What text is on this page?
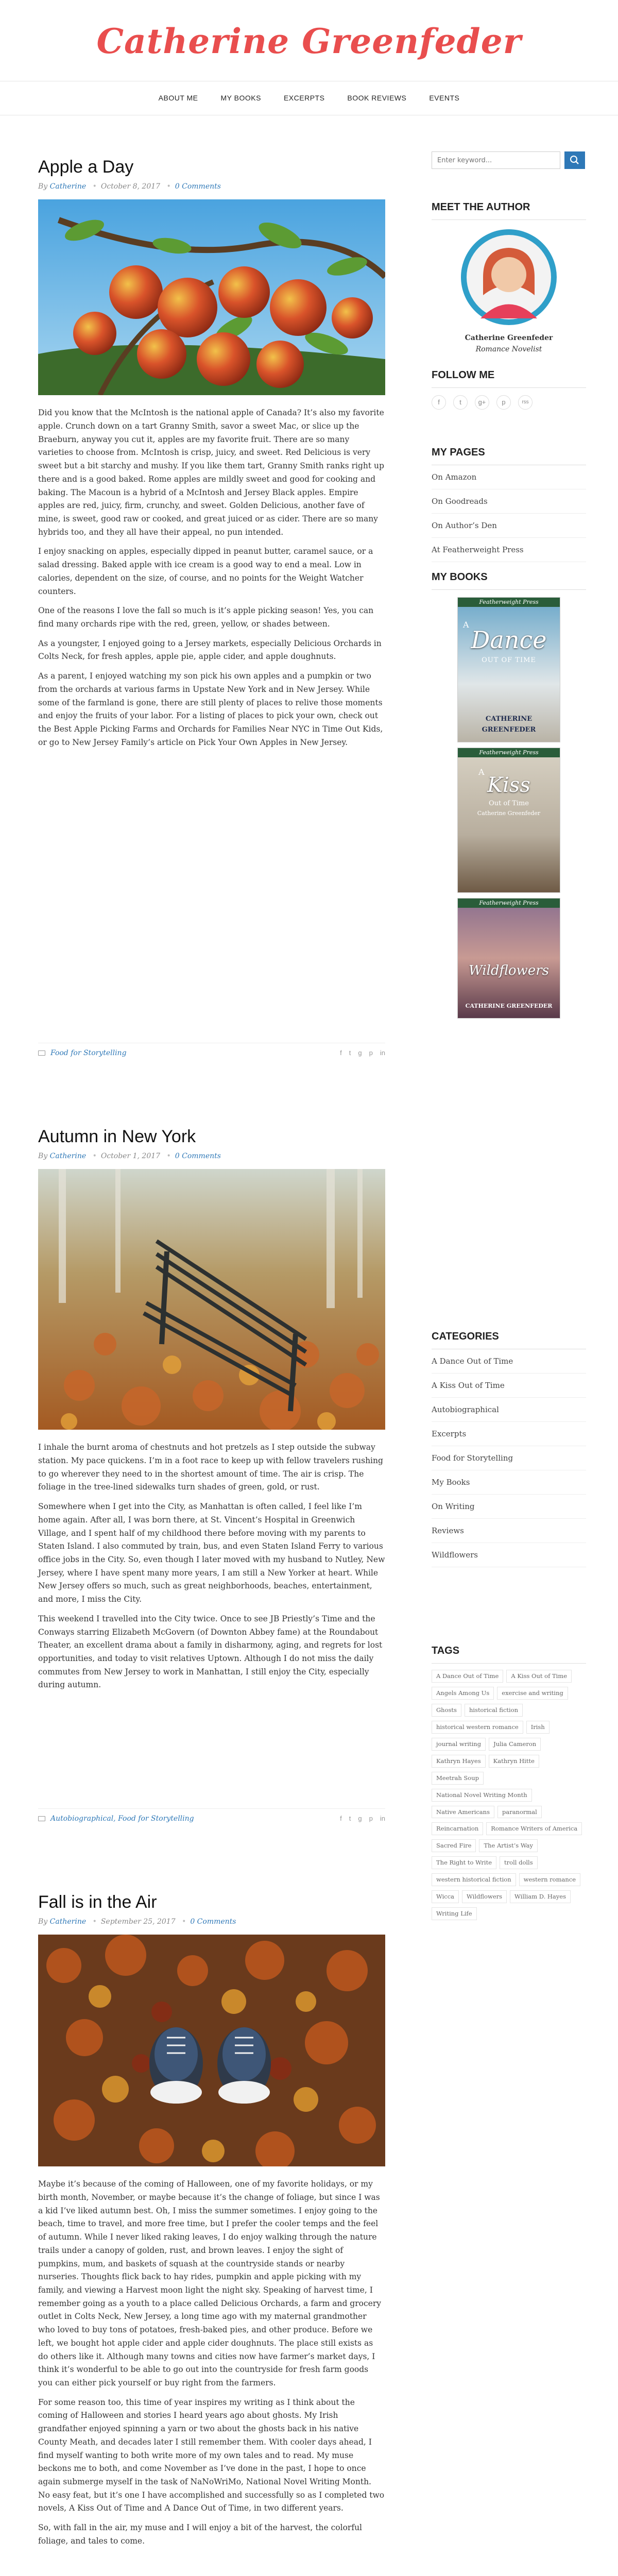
Catherine Greenfeder
ABOUT ME	MY BOOKS	EXCERPTS	BOOK REVIEWS	EVENTS
Apple a Day
By Catherine • October 8, 2017 • 0 Comments

Did you know that the McIntosh is the national apple of Canada? It’s also my favorite apple. Crunch down on a tart Granny Smith, savor a sweet Mac, or slice up the Braeburn, anyway you cut it, apples are my favorite fruit. There are so many varieties to choose from. McIntosh is crisp, juicy, and sweet. Red Delicious is very sweet but a bit starchy and mushy. If you like them tart, Granny Smith ranks right up there and is a good baked. Rome apples are mildly sweet and good for cooking and baking. The Macoun is a hybrid of a McIntosh and Jersey Black apples. Empire apples are red, juicy, firm, crunchy, and sweet. Golden Delicious, another fave of mine, is sweet, good raw or cooked, and great juiced or as cider. There are so many hybrids too, and they all have their appeal, no pun intended.

I enjoy snacking on apples, especially dipped in peanut butter, caramel sauce, or a salad dressing. Baked apple with ice cream is a good way to end a meal. Low in calories, dependent on the size, of course, and no points for the Weight Watcher counters.

One of the reasons I love the fall so much is it’s apple picking season! Yes, you can find many orchards ripe with the red, green, yellow, or shades between.

As a youngster, I enjoyed going to a Jersey markets, especially Delicious Orchards in Colts Neck, for fresh apples, apple pie, apple cider, and apple doughnuts.

As a parent, I enjoyed watching my son pick his own apples and a pumpkin or two from the orchards at various farms in Upstate New York and in New Jersey. While some of the farmland is gone, there are still plenty of places to relive those moments and enjoy the fruits of your labor. For a listing of places to pick your own, check out the Best Apple Picking Farms and Orchards for Families Near NYC in Time Out Kids, or go to New Jersey Family’s article on Pick Your Own Apples in New Jersey.

Food for Storytelling	f t g p in
Autumn in New York
By Catherine • October 1, 2017 • 0 Comments

I inhale the burnt aroma of chestnuts and hot pretzels as I step outside the subway station. My pace quickens. I’m in a foot race to keep up with fellow travelers rushing to go wherever they need to in the shortest amount of time. The air is crisp. The foliage in the tree-lined sidewalks turn shades of green, gold, or rust.

Somewhere when I get into the City, as Manhattan is often called, I feel like I’m home again. After all, I was born there, at St. Vincent’s Hospital in Greenwich Village, and I spent half of my childhood there before moving with my parents to Staten Island. I also commuted by train, bus, and even Staten Island Ferry to various office jobs in the City. So, even though I later moved with my husband to Nutley, New Jersey, where I have spent many more years, I am still a New Yorker at heart. While New Jersey offers so much, such as great neighborhoods, beaches, entertainment, and more, I miss the City.

This weekend I travelled into the City twice. Once to see JB Priestly’s Time and the Conways starring Elizabeth McGovern (of Downton Abbey fame) at the Roundabout Theater, an excellent drama about a family in disharmony, aging, and regrets for lost opportunities, and today to visit relatives Uptown. Although I do not miss the daily commutes from New Jersey to work in Manhattan, I still enjoy the City, especially during autumn.

Autobiographical, Food for Storytelling	f t g p in
Fall is in the Air
By Catherine • September 25, 2017 • 0 Comments

Maybe it’s because of the coming of Halloween, one of my favorite holidays, or my birth month, November, or maybe because it’s the change of foliage, but since I was a kid I’ve liked autumn best. Oh, I miss the summer sometimes. I enjoy going to the beach, time to travel, and more free time, but I prefer the cooler temps and the feel of autumn. While I never liked raking leaves, I do enjoy walking through the nature trails under a canopy of golden, rust, and brown leaves. I enjoy the sight of pumpkins, mum, and baskets of squash at the countryside stands or nearby nurseries. Thoughts flick back to hay rides, pumpkin and apple picking with my family, and viewing a Harvest moon light the night sky. Speaking of harvest time, I remember going as a youth to a place called Delicious Orchards, a farm and grocery outlet in Colts Neck, New Jersey, a long time ago with my maternal grandmother who loved to buy tons of potatoes, fresh-baked pies, and other produce. Before we left, we bought hot apple cider and apple cider doughnuts. The place still exists as do others like it. Although many towns and cities now have farmer’s market days, I think it’s wonderful to be able to go out into the countryside for fresh farm goods you can either pick yourself or buy right from the farmers.

For some reason too, this time of year inspires my writing as I think about the coming of Halloween and stories I heard years ago about ghosts. My Irish grandfather enjoyed spinning a yarn or two about the ghosts back in his native County Meath, and decades later I still remember them. With cooler days ahead, I find myself wanting to both write more of my own tales and to read. My muse beckons me to both, and come November as I’ve done in the past, I hope to once again submerge myself in the task of NaNoWriMo, National Novel Writing Month. No easy feat, but it’s one I have accomplished and successfully so as I completed two novels, A Kiss Out of Time and A Dance Out of Time, in two different years.

So, with fall in the air, my muse and I will enjoy a bit of the harvest, the colorful foliage, and tales to come.

Enter keyword...
MEET THE AUTHOR
Catherine Greenfeder
Romance Novelist
FOLLOW ME
f	t	g+	p	rss
MY PAGES
On Amazon
On Goodreads
On Author’s Den
At Featherweight Press
MY BOOKS
Featherweight Press
A
Dance
OUT OF TIME
CATHERINE GREENFEDER
Featherweight Press
A
Kiss
Out of Time
Catherine Greenfeder
Featherweight Press
Wildflowers
CATHERINE GREENFEDER
CATEGORIES
A Dance Out of Time
A Kiss Out of Time
Autobiographical
Excerpts
Food for Storytelling
My Books
On Writing
Reviews
Wildflowers
TAGS
A Dance Out of Time	A Kiss Out of Time
Angels Among Us	exercise and writing
Ghosts	historical fiction
historical western romance	Irish
journal writing	Julia Cameron
Kathryn Hayes	Kathryn Hitte
Meetrah Soup
National Novel Writing Month
Native Americans	paranormal
Reincarnation	Romance Writers of America
Sacred Fire	The Artist’s Way
The Right to Write	troll dolls
western historical fiction	western romance
Wicca	Wildflowers	William D. Hayes
Writing Life
